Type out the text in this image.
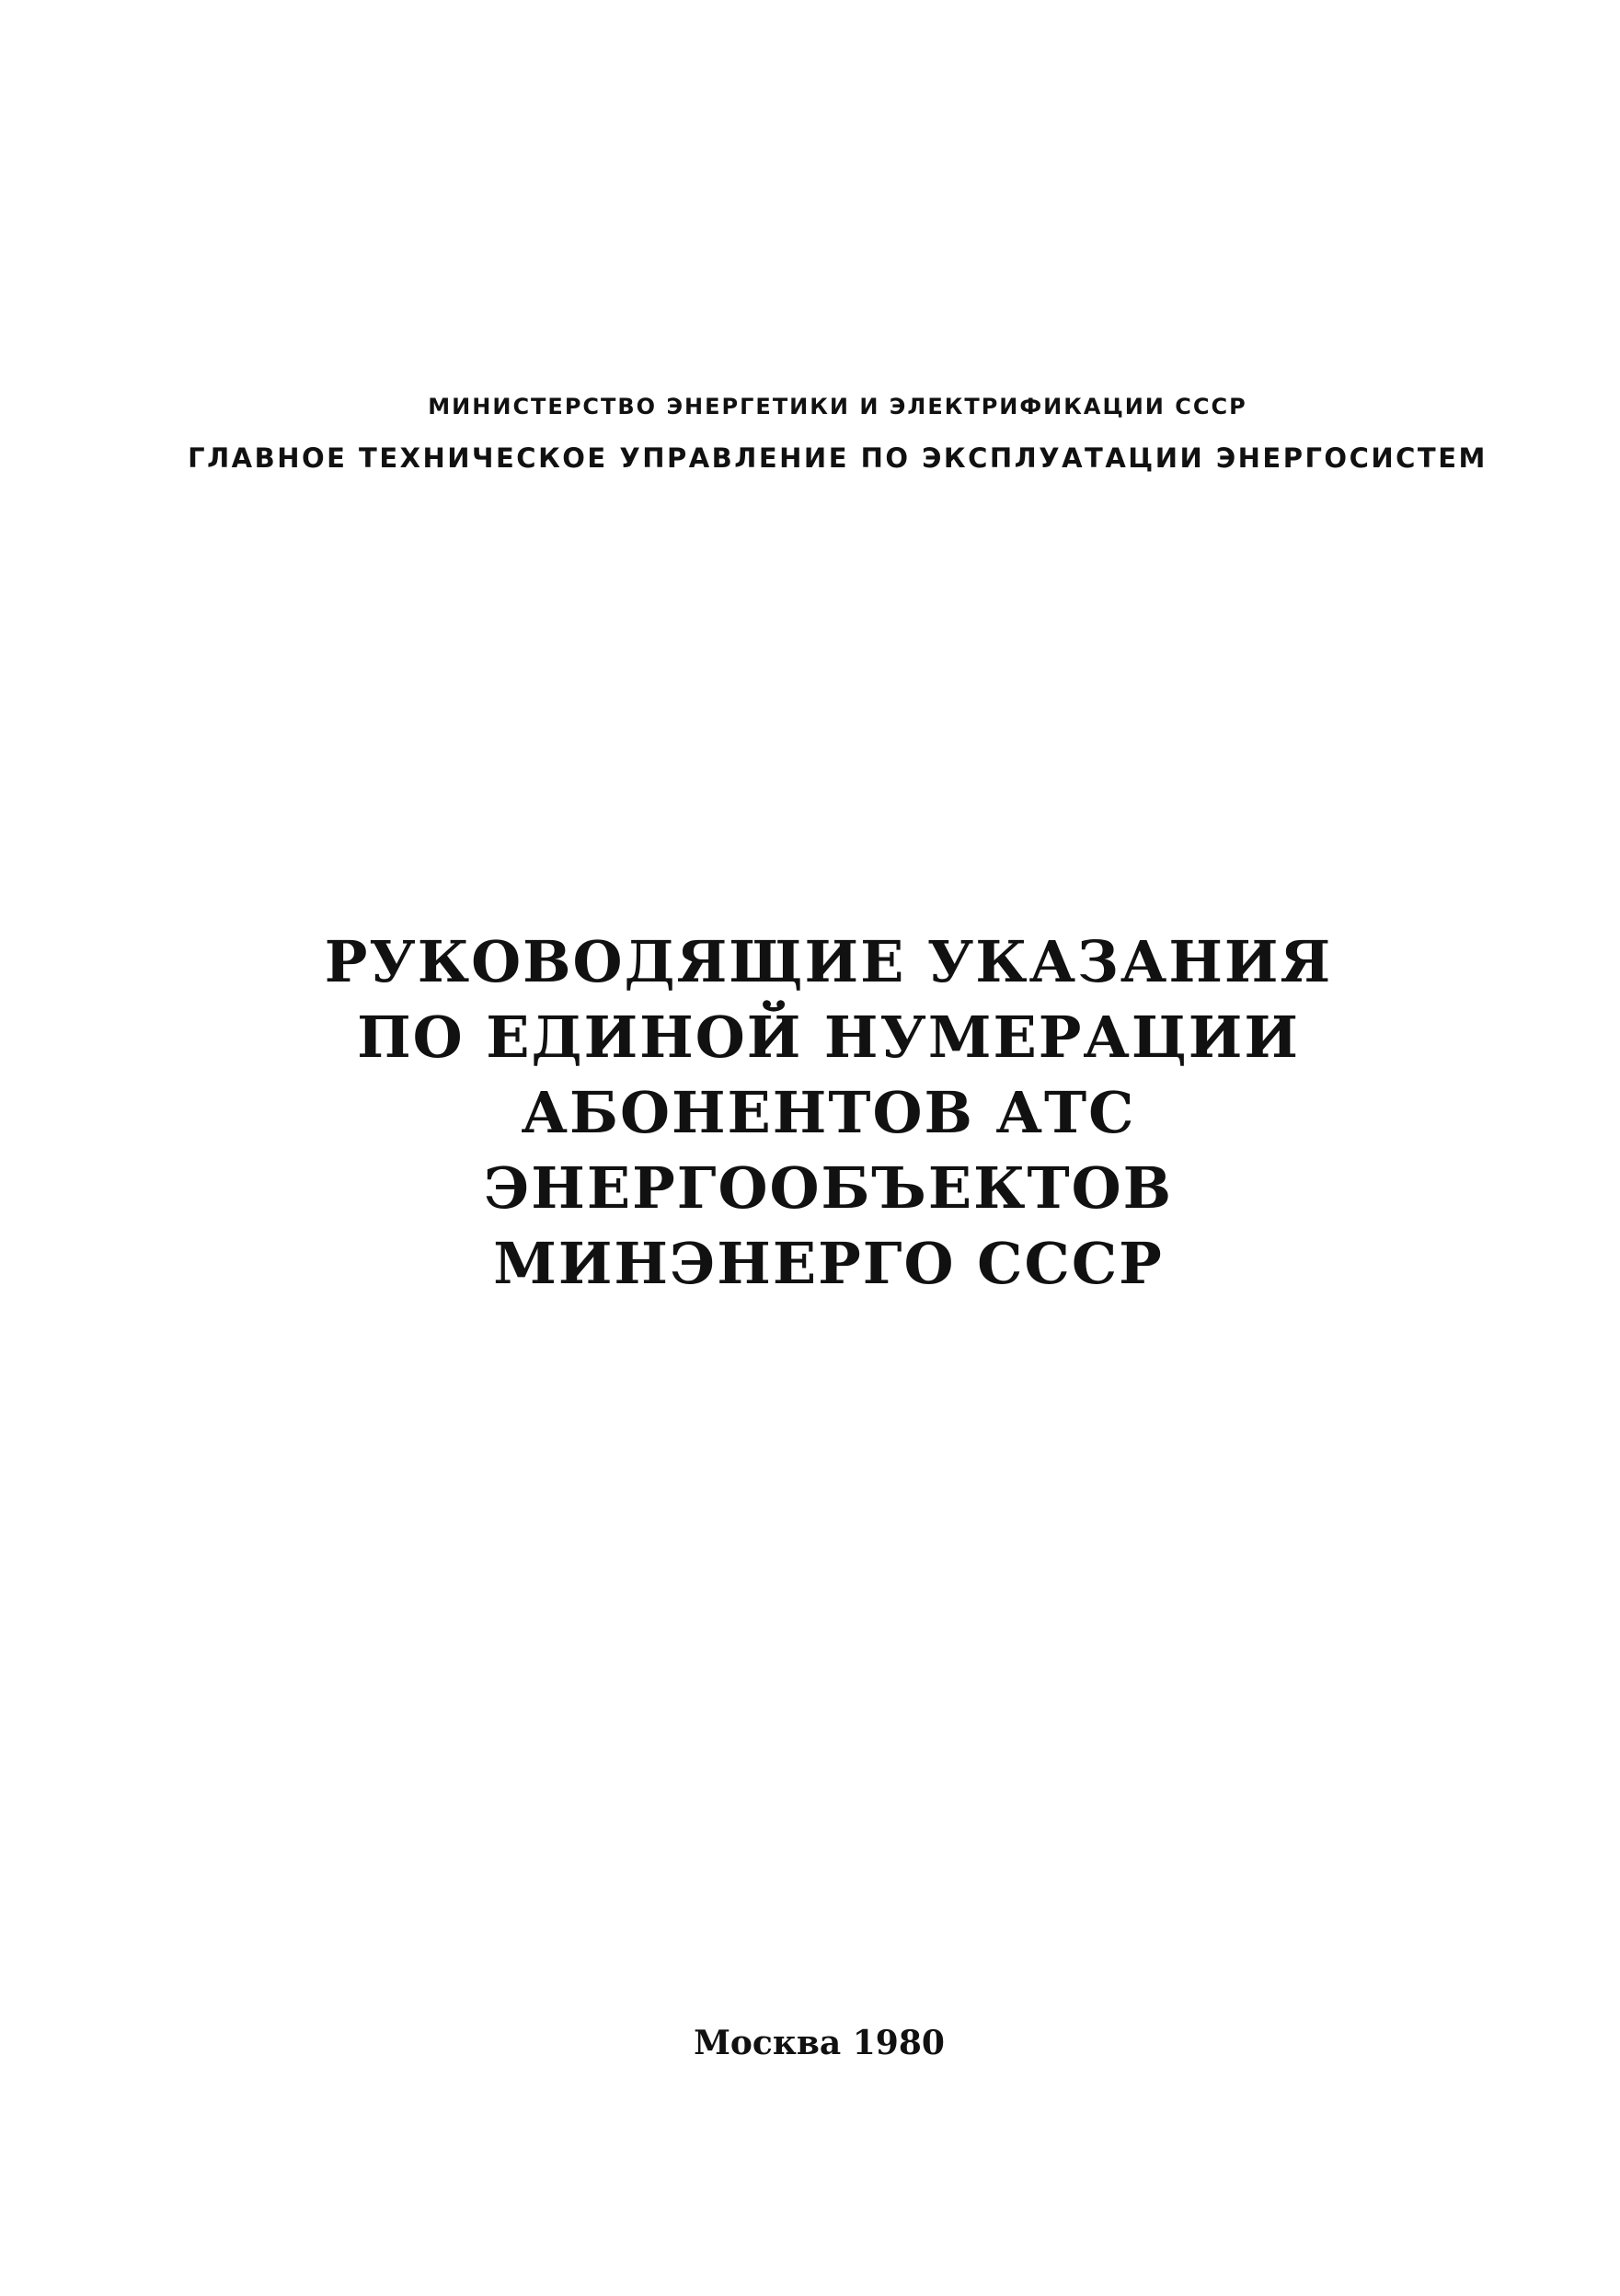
МИНИСТЕРСТВО ЭНЕРГЕТИКИ И ЭЛЕКТРИФИКАЦИИ СССР
ГЛАВНОЕ ТЕХНИЧЕСКОЕ УПРАВЛЕНИЕ ПО ЭКСПЛУАТАЦИИ ЭНЕРГОСИСТЕМ
РУКОВОДЯЩИЕ УКАЗАНИЯ
ПО ЕДИНОЙ НУМЕРАЦИИ
АБОНЕНТОВ АТС
ЭНЕРГООБЪЕКТОВ
МИНЭНЕРГО СССР
Москва 1980
